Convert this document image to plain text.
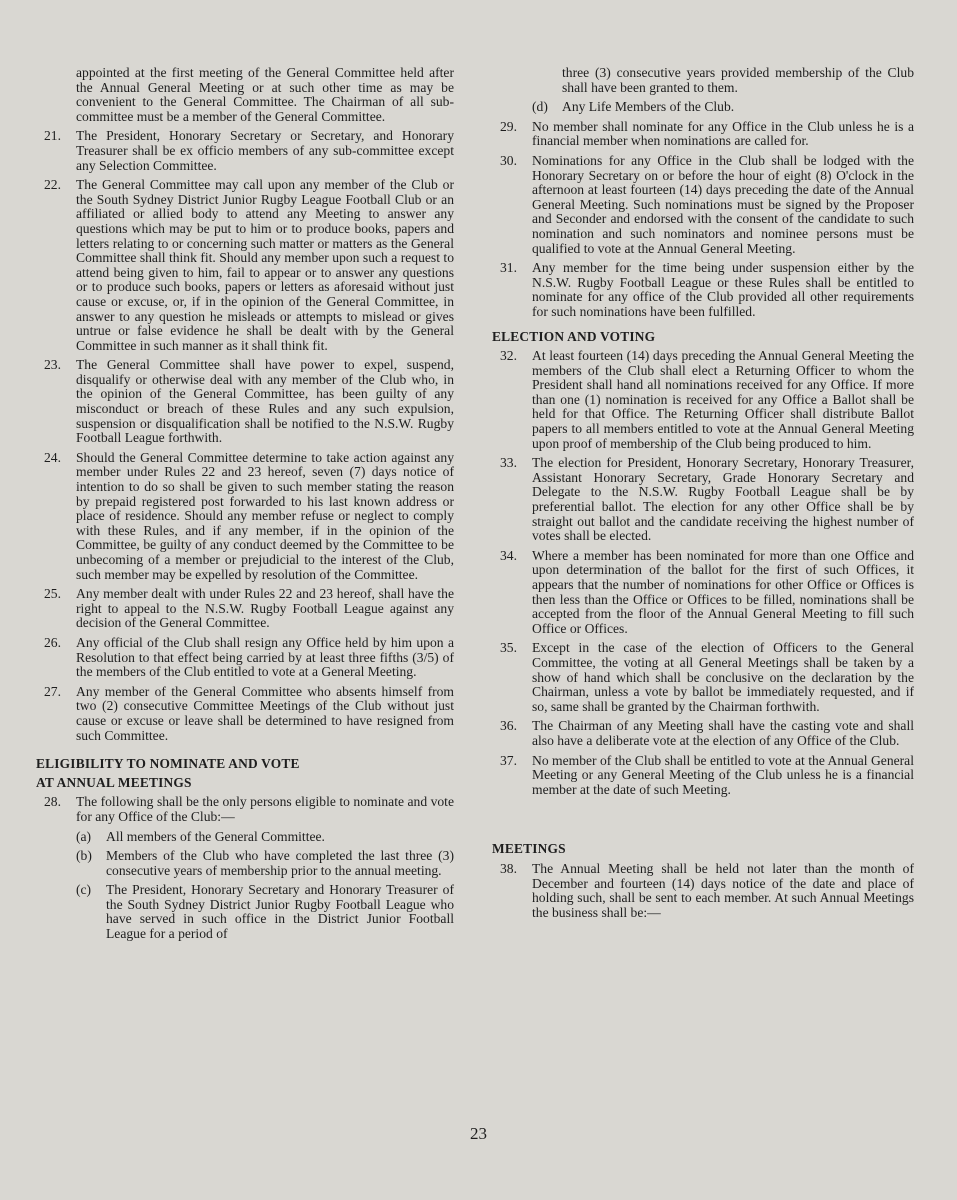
appointed at the first meeting of the General Committee held after the Annual General Meeting or at such other time as may be convenient to the General Committee. The Chairman of all sub-committee must be a member of the General Committee.
21. The President, Honorary Secretary or Secretary, and Honorary Treasurer shall be ex officio members of any sub-committee except any Selection Committee.
22. The General Committee may call upon any member of the Club or the South Sydney District Junior Rugby League Football Club or an affiliated or allied body to attend any Meeting to answer any questions which may be put to him or to produce books, papers and letters relating to or concerning such matter or matters as the General Committee shall think fit. Should any member upon such a request to attend being given to him, fail to appear or to answer any questions or to produce such books, papers or letters as aforesaid without just cause or excuse, or, if in the opinion of the General Committee, in answer to any question he misleads or attempts to mislead or gives untrue or false evidence he shall be dealt with by the General Committee in such manner as it shall think fit.
23. The General Committee shall have power to expel, suspend, disqualify or otherwise deal with any member of the Club who, in the opinion of the General Committee, has been guilty of any misconduct or breach of these Rules and any such expulsion, suspension or disqualification shall be notified to the N.S.W. Rugby Football League forthwith.
24. Should the General Committee determine to take action against any member under Rules 22 and 23 hereof, seven (7) days notice of intention to do so shall be given to such member stating the reason by prepaid registered post forwarded to his last known address or place of residence. Should any member refuse or neglect to comply with these Rules, and if any member, if in the opinion of the Committee, be guilty of any conduct deemed by the Committee to be unbecoming of a member or prejudicial to the interest of the Club, such member may be expelled by resolution of the Committee.
25. Any member dealt with under Rules 22 and 23 hereof, shall have the right to appeal to the N.S.W. Rugby Football League against any decision of the General Committee.
26. Any official of the Club shall resign any Office held by him upon a Resolution to that effect being carried by at least three fifths (3/5) of the members of the Club entitled to vote at a General Meeting.
27. Any member of the General Committee who absents himself from two (2) consecutive Committee Meetings of the Club without just cause or excuse or leave shall be determined to have resigned from such Committee.
ELIGIBILITY TO NOMINATE AND VOTE
AT ANNUAL MEETINGS
28. The following shall be the only persons eligible to nominate and vote for any Office of the Club:—
(a) All members of the General Committee.
(b) Members of the Club who have completed the last three (3) consecutive years of membership prior to the annual meeting.
(c) The President, Honorary Secretary and Honorary Treasurer of the South Sydney District Junior Rugby Football League who have served in such office in the District Junior Football League for a period of
three (3) consecutive years provided membership of the Club shall have been granted to them.
(d) Any Life Members of the Club.
29. No member shall nominate for any Office in the Club unless he is a financial member when nominations are called for.
30. Nominations for any Office in the Club shall be lodged with the Honorary Secretary on or before the hour of eight (8) O'clock in the afternoon at least fourteen (14) days preceding the date of the Annual General Meeting. Such nominations must be signed by the Proposer and Seconder and endorsed with the consent of the candidate to such nomination and such nominators and nominee persons must be qualified to vote at the Annual General Meeting.
31. Any member for the time being under suspension either by the N.S.W. Rugby Football League or these Rules shall be entitled to nominate for any office of the Club provided all other requirements for such nominations have been fulfilled.
ELECTION AND VOTING
32. At least fourteen (14) days preceding the Annual General Meeting the members of the Club shall elect a Returning Officer to whom the President shall hand all nominations received for any Office. If more than one (1) nomination is received for any Office a Ballot shall be held for that Office. The Returning Officer shall distribute Ballot papers to all members entitled to vote at the Annual General Meeting upon proof of membership of the Club being produced to him.
33. The election for President, Honorary Secretary, Honorary Treasurer, Assistant Honorary Secretary, Grade Honorary Secretary and Delegate to the N.S.W. Rugby Football League shall be by preferential ballot. The election for any other Office shall be by straight out ballot and the candidate receiving the highest number of votes shall be elected.
34. Where a member has been nominated for more than one Office and upon determination of the ballot for the first of such Offices, it appears that the number of nominations for other Office or Offices is then less than the Office or Offices to be filled, nominations shall be accepted from the floor of the Annual General Meeting to fill such Office or Offices.
35. Except in the case of the election of Officers to the General Committee, the voting at all General Meetings shall be taken by a show of hand which shall be conclusive on the declaration by the Chairman, unless a vote by ballot be immediately requested, and if so, same shall be granted by the Chairman forthwith.
36. The Chairman of any Meeting shall have the casting vote and shall also have a deliberate vote at the election of any Office of the Club.
37. No member of the Club shall be entitled to vote at the Annual General Meeting or any General Meeting of the Club unless he is a financial member at the date of such Meeting.
MEETINGS
38. The Annual Meeting shall be held not later than the month of December and fourteen (14) days notice of the date and place of holding such, shall be sent to each member. At such Annual Meetings the business shall be:—
23
